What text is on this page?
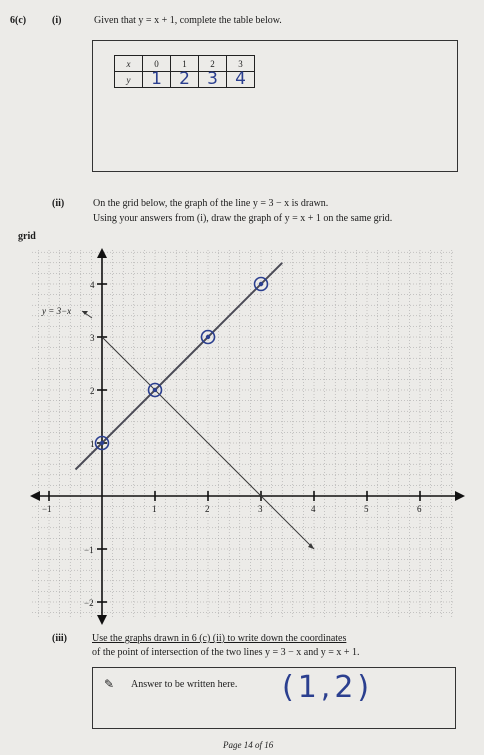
6(c)	(i)	Given that y = x + 1, complete the table below.
x	0	1	2	3
y	1	2	3	4
(ii)	On the grid below, the graph of the line y = 3 − x is drawn.
Using your answers from (i), draw the graph of y = x + 1 on the same grid.
grid
−1	1	2	3	4	5	6
4
3
2
1
−1
−2
y = 3−x
(iii)	Use the graphs drawn in 6 (c) (ii) to write down the coordinates
of the point of intersection of the two lines y = 3 − x and y = x + 1.
✎ Answer to be written here. (1,2)
Page 14 of 16
